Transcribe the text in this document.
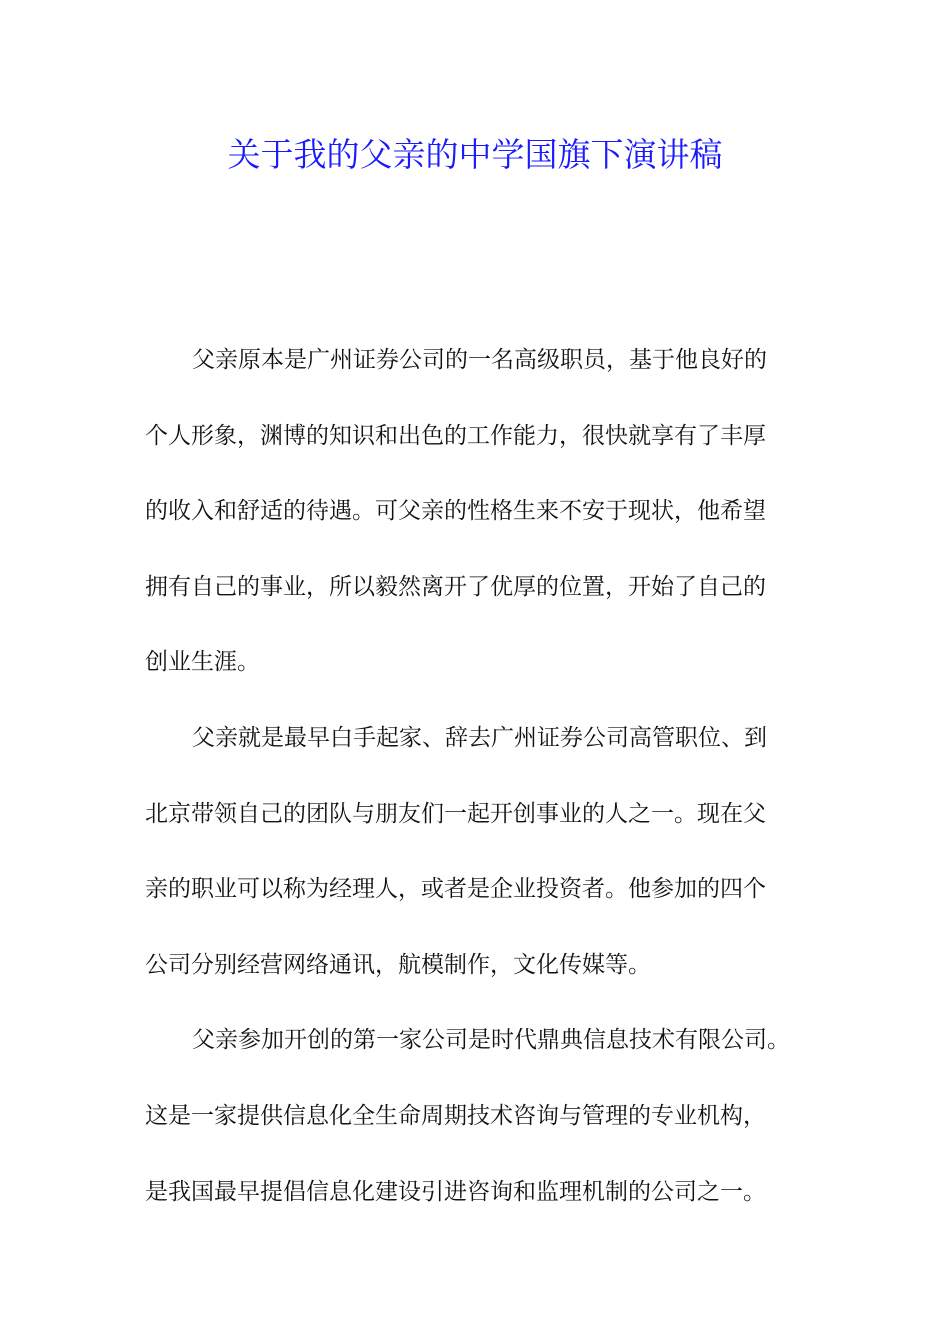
关于我的父亲的中学国旗下演讲稿
父亲原本是广州证券公司的一名高级职员，基于他良好的
个人形象，渊博的知识和出色的工作能力，很快就享有了丰厚
的收入和舒适的待遇。可父亲的性格生来不安于现状，他希望
拥有自己的事业，所以毅然离开了优厚的位置，开始了自己的
创业生涯。
父亲就是最早白手起家、辞去广州证券公司高管职位、到
北京带领自己的团队与朋友们一起开创事业的人之一。现在父
亲的职业可以称为经理人，或者是企业投资者。他参加的四个
公司分别经营网络通讯，航模制作，文化传媒等。
父亲参加开创的第一家公司是时代鼎典信息技术有限公司。
这是一家提供信息化全生命周期技术咨询与管理的专业机构，
是我国最早提倡信息化建设引进咨询和监理机制的公司之一。
